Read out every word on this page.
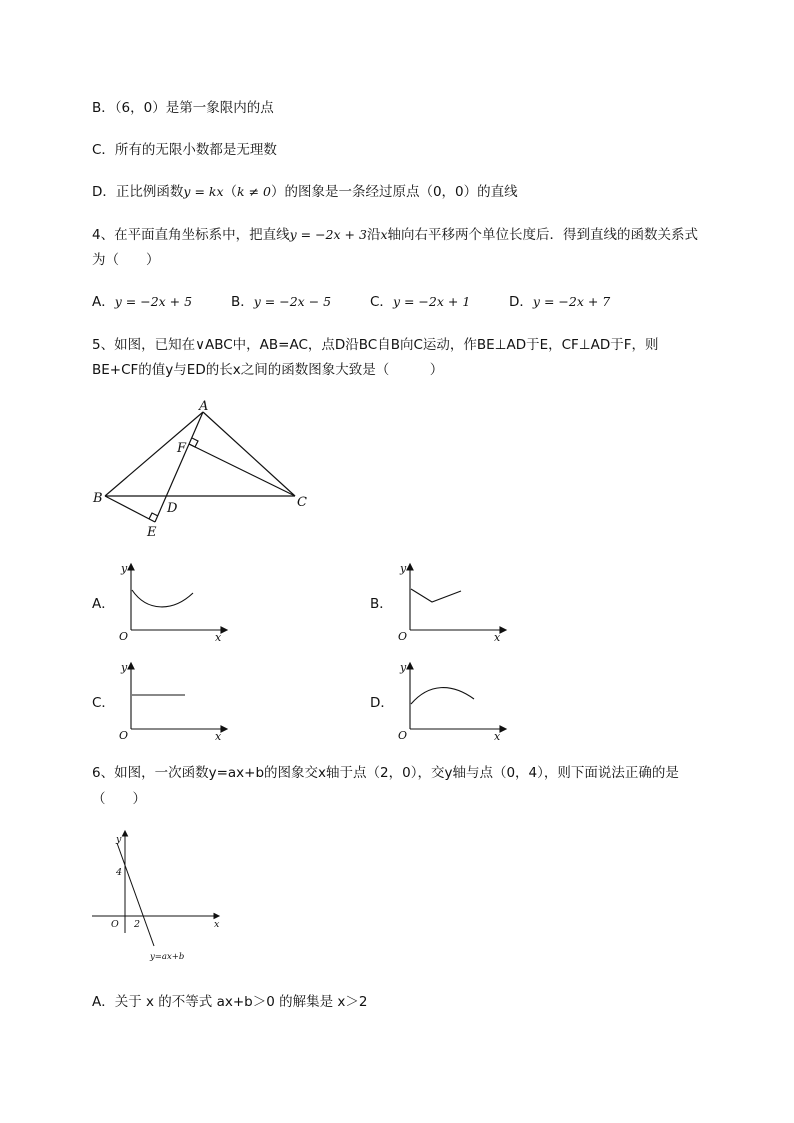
B．（6，0）是第一象限内的点
C．所有的无限小数都是无理数
D．正比例函数y = kx（k ≠ 0）的图象是一条经过原点（0，0）的直线
4、在平面直角坐标系中，把直线y = −2x + 3沿x轴向右平移两个单位长度后．得到直线的函数关系式
为（　　）
A．y = −2x + 5	B．y = −2x − 5	C．y = −2x + 1	D．y = −2x + 7
5、如图，已知在∨ABC中，AB=AC，点D沿BC自B向C运动，作BE⊥AD于E，CF⊥AD于F，则
BE+CF的值y与ED的长x之间的函数图象大致是（　　　）
A
B	C
D
E
F
A．
y
x
O
B．
y
x
O
C．
y
x
O
D．
y
x
O
6、如图，一次函数y=ax+b的图象交x轴于点（2，0），交y轴与点（0，4），则下面说法正确的是
（　　）
y
x
O
4
2
y=ax+b
A．关于 x 的不等式 ax+b＞0 的解集是 x＞2
